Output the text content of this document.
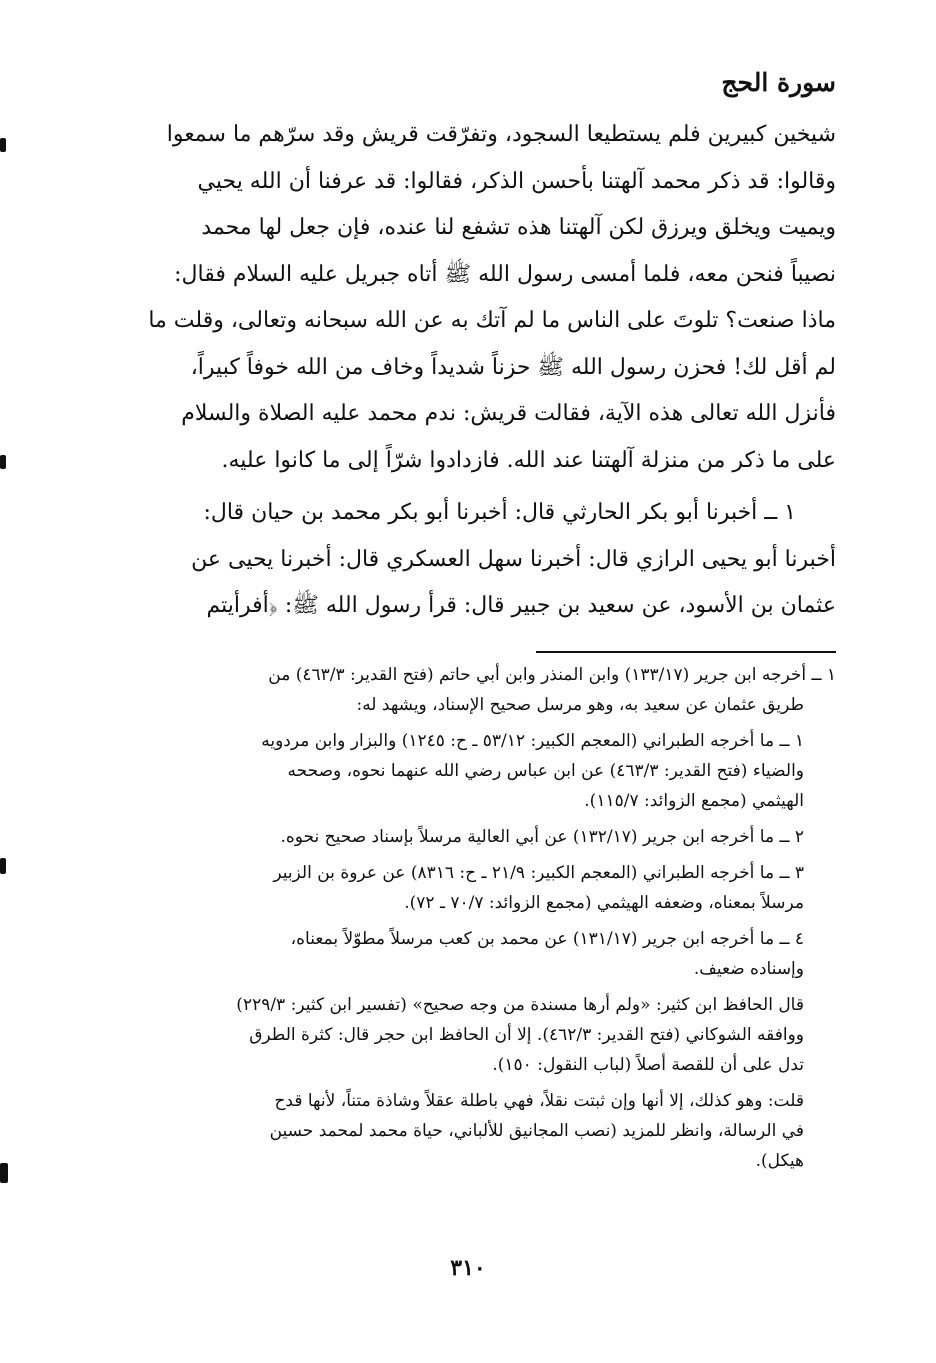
سورة الحج
شيخين كبيرين فلم يستطيعا السجود، وتفرّقت قريش وقد سرّهم ما سمعوا
وقالوا: قد ذكر محمد آلهتنا بأحسن الذكر، فقالوا: قد عرفنا أن الله يحيي
ويميت ويخلق ويرزق لكن آلهتنا هذه تشفع لنا عنده، فإن جعل لها محمد
نصيباً فنحن معه، فلما أمسى رسول الله ﷺ أتاه جبريل عليه السلام فقال:
ماذا صنعت؟ تلوتَ على الناس ما لم آتك به عن الله سبحانه وتعالى، وقلت ما
لم أقل لك! فحزن رسول الله ﷺ حزناً شديداً وخاف من الله خوفاً كبيراً،
فأنزل الله تعالى هذه الآية، فقالت قريش: ندم محمد عليه الصلاة والسلام
على ما ذكر من منزلة آلهتنا عند الله. فازدادوا شرّاً إلى ما كانوا عليه.
١ ــ أخبرنا أبو بكر الحارثي قال: أخبرنا أبو بكر محمد بن حيان قال:
أخبرنا أبو يحيى الرازي قال: أخبرنا سهل العسكري قال: أخبرنا يحيى عن
عثمان بن الأسود، عن سعيد بن جبير قال: قرأ رسول الله ﷺ: ﴿أفرأيتم
١ ــ أخرجه ابن جرير (١٣٣/١٧) وابن المنذر وابن أبي حاتم (فتح القدير: ٤٦٣/٣) من
طريق عثمان عن سعيد به، وهو مرسل صحيح الإسناد، ويشهد له:
١ ــ ما أخرجه الطبراني (المعجم الكبير: ٥٣/١٢ ـ ح: ١٢٤٥) والبزار وابن مردويه
والضياء (فتح القدير: ٤٦٣/٣) عن ابن عباس رضي الله عنهما نحوه، وصححه
الهيثمي (مجمع الزوائد: ١١٥/٧).
٢ ــ ما أخرجه ابن جرير (١٣٢/١٧) عن أبي العالية مرسلاً بإسناد صحيح نحوه.
٣ ــ ما أخرجه الطبراني (المعجم الكبير: ٢١/٩ ـ ح: ٨٣١٦) عن عروة بن الزبير
مرسلاً بمعناه، وضعفه الهيثمي (مجمع الزوائد: ٧٠/٧ ـ ٧٢).
٤ ــ ما أخرجه ابن جرير (١٣١/١٧) عن محمد بن كعب مرسلاً مطوّلاً بمعناه،
وإسناده ضعيف.
قال الحافظ ابن كثير: «ولم أرها مسندة من وجه صحيح» (تفسير ابن كثير: ٢٢٩/٣)
ووافقه الشوكاني (فتح القدير: ٤٦٢/٣). إلا أن الحافظ ابن حجر قال: كثرة الطرق
تدل على أن للقصة أصلاً (لباب النقول: ١٥٠).
قلت: وهو كذلك، إلا أنها وإن ثبتت نقلاً، فهي باطلة عقلاً وشاذة متناً، لأنها قدح
في الرسالة، وانظر للمزيد (نصب المجانيق للألباني، حياة محمد لمحمد حسين
هيكل).
٣١٠
